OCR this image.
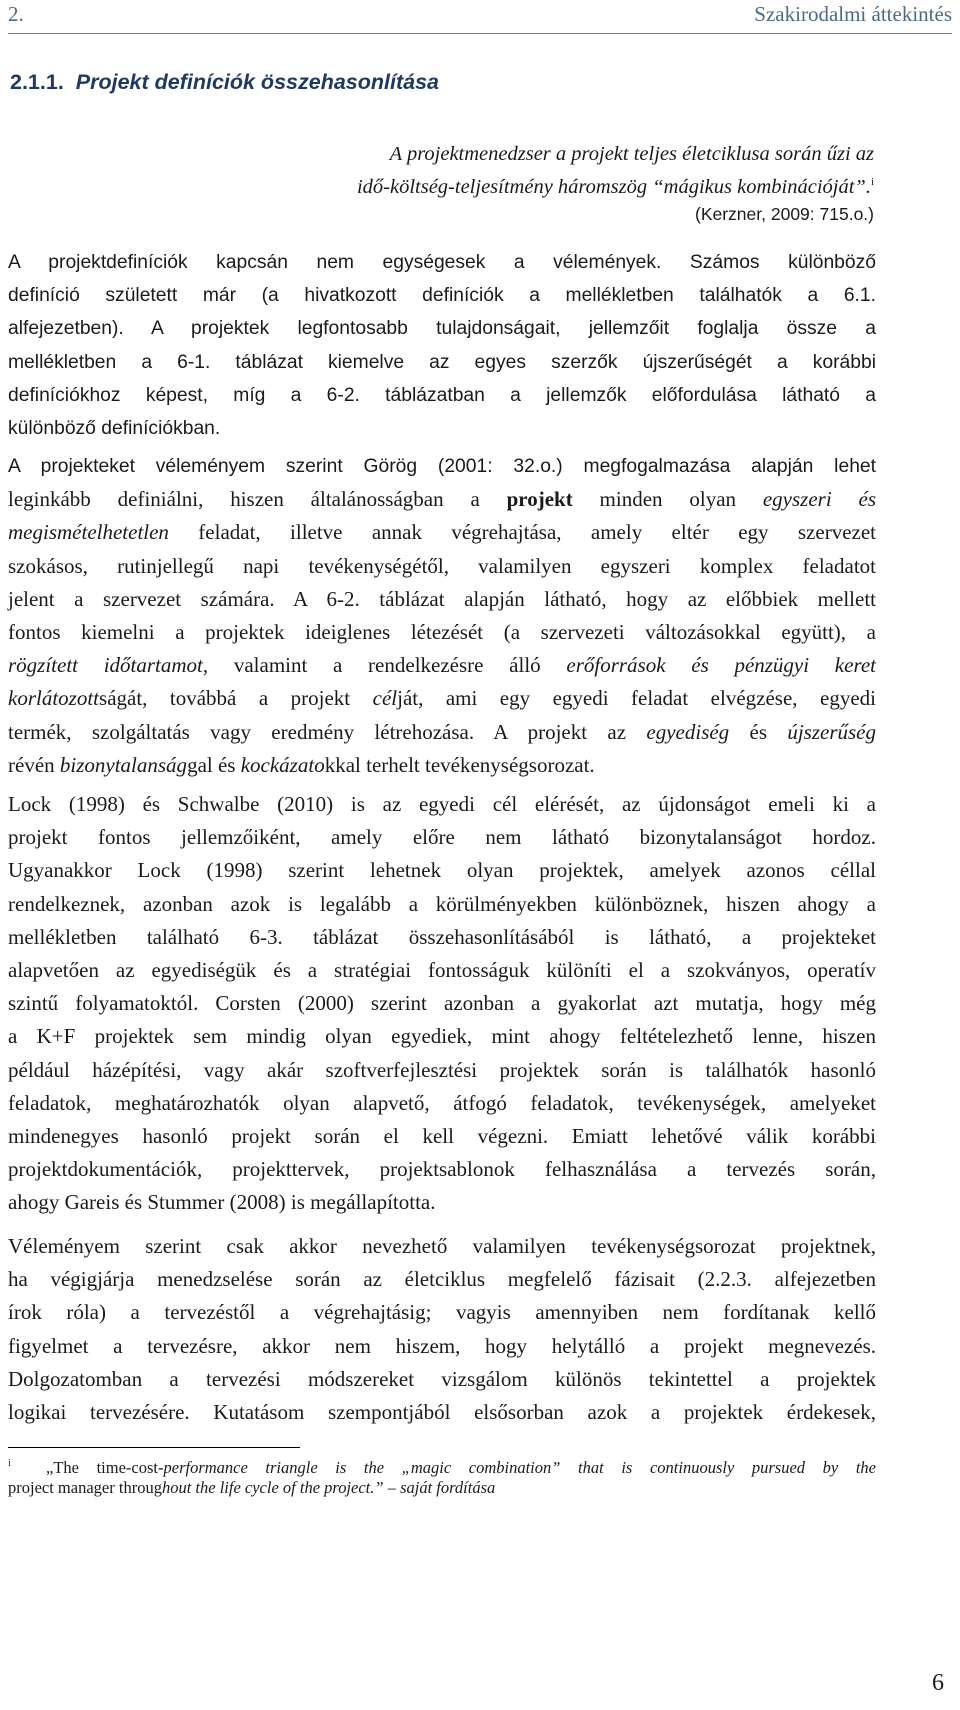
2.	Szakirodalmi áttekintés
2.1.1. Projekt definíciók összehasonlítása
A projektmenedzser a projekt teljes életciklusa során űzi az
idő-költség-teljesítmény háromszög “mágikus kombinációját”.$^i$
(Kerzner, 2009: 715.o.)
A projektdefiníciók kapcsán nem egységesek a vélemények. Számos különböző
definíció született már (a hivatkozott definíciók a mellékletben találhatók a 6.1.
alfejezetben). A projektek legfontosabb tulajdonságait, jellemzőit foglalja össze a
mellékletben a 6-1. táblázat kiemelve az egyes szerzők újszerűségét a korábbi
definíciókhoz képest, míg a 6-2. táblázatban a jellemzők előfordulása látható a
különböző definíciókban.
A projekteket véleményem szerint Görög (2001: 32.o.) megfogalmazása alapján lehet
leginkább definiálni, hiszen általánosságban a projekt minden olyan egyszeri és
megismételhetetlen feladat, illetve annak végrehajtása, amely eltér egy szervezet
szokásos, rutinjellegű napi tevékenységétől, valamilyen egyszeri komplex feladatot
jelent a szervezet számára. A 6-2. táblázat alapján látható, hogy az előbbiek mellett
fontos kiemelni a projektek ideiglenes létezését (a szervezeti változásokkal együtt), a
rögzített időtartamot, valamint a rendelkezésre álló erőforrások és pénzügyi keret
korlátozottságát, továbbá a projekt célját, ami egy egyedi feladat elvégzése, egyedi
termék, szolgáltatás vagy eredmény létrehozása. A projekt az egyediség és újszerűség
révén bizonytalansággal és kockázatokkal terhelt tevékenységsorozat.
Lock (1998) és Schwalbe (2010) is az egyedi cél elérését, az újdonságot emeli ki a
projekt fontos jellemzőiként, amely előre nem látható bizonytalanságot hordoz.
Ugyanakkor Lock (1998) szerint lehetnek olyan projektek, amelyek azonos céllal
rendelkeznek, azonban azok is legalább a körülményekben különböznek, hiszen ahogy a
mellékletben található 6-3. táblázat összehasonlításából is látható, a projekteket
alapvetően az egyediségük és a stratégiai fontosságuk különíti el a szokványos, operatív
szintű folyamatoktól. Corsten (2000) szerint azonban a gyakorlat azt mutatja, hogy még
a K+F projektek sem mindig olyan egyediek, mint ahogy feltételezhető lenne, hiszen
például házépítési, vagy akár szoftverfejlesztési projektek során is találhatók hasonló
feladatok, meghatározhatók olyan alapvető, átfogó feladatok, tevékenységek, amelyeket
mindenegyes hasonló projekt során el kell végezni. Emiatt lehetővé válik korábbi
projektdokumentációk, projekttervek, projektsablonok felhasználása a tervezés során,
ahogy Gareis és Stummer (2008) is megállapította.
Véleményem szerint csak akkor nevezhető valamilyen tevékenységsorozat projektnek,
ha végigjárja menedzselése során az életciklus megfelelő fázisait (2.2.3. alfejezetben
írok róla) a tervezéstől a végrehajtásig; vagyis amennyiben nem fordítanak kellő
figyelmet a tervezésre, akkor nem hiszem, hogy helytálló a projekt megnevezés.
Dolgozatomban a tervezési módszereket vizsgálom különös tekintettel a projektek
logikai tervezésére. Kutatásom szempontjából elsősorban azok a projektek érdekesek,
$^i$ „The time-cost-performance triangle is the „magic combination” that is continuously pursued by the
project manager throughout the life cycle of the project.” – saját fordítása
6
